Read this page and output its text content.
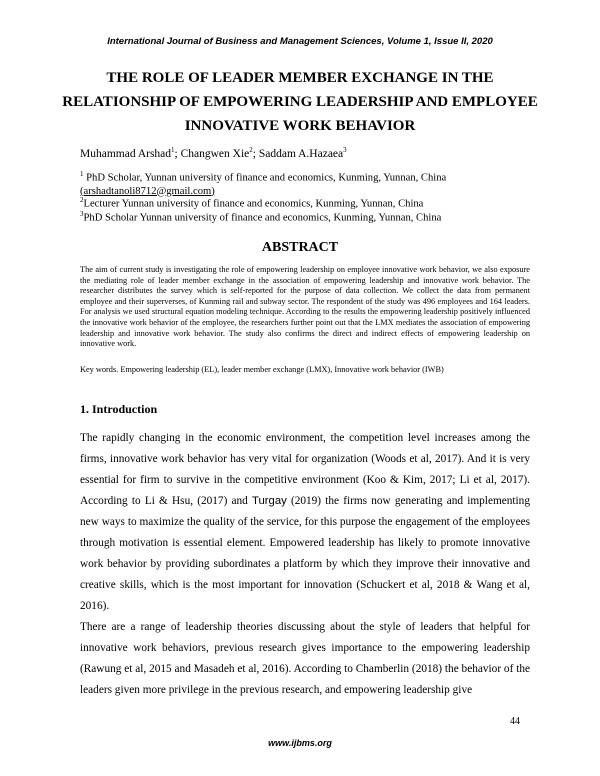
International Journal of Business and Management Sciences, Volume 1, Issue II, 2020
THE ROLE OF LEADER MEMBER EXCHANGE IN THE
RELATIONSHIP OF EMPOWERING LEADERSHIP AND EMPLOYEE
INNOVATIVE WORK BEHAVIOR
Muhammad Arshad$^1$; Changwen Xie$^2$; Saddam A.Hazaea$^3$
$^1$ PhD Scholar, Yunnan university of finance and economics, Kunming, Yunnan, China
(arshadtanoli8712@gmail.com)
$^2$Lecturer Yunnan university of finance and economics, Kunming, Yunnan, China
$^3$PhD Scholar Yunnan university of finance and economics, Kunming, Yunnan, China
ABSTRACT
The aim of current study is investigating the role of empowering leadership on employee innovative work behavior, we also exposure the mediating role of leader member exchange in the association of empowering leadership and innovative work behavior. The researcher distributes the survey which is self-reported for the purpose of data collection. We collect the data from permanent employee and their superverses, of Kunming rail and subway sector. The respondent of the study was 496 employees and 164 leaders. For analysis we used structural equation modeling technique. According to the results the empowering leadership positively influenced the innovative work behavior of the employee, the researchers further point out that the LMX mediates the association of empowering leadership and innovative work behavior. The study also confirms the direct and indirect effects of empowering leadership on innovative work.
Key words. Empowering leadership (EL), leader member exchange (LMX), Innovative work behavior (IWB)
1. Introduction

The rapidly changing in the economic environment, the competition level increases among the firms, innovative work behavior has very vital for organization (Woods et al, 2017). And it is very essential for firm to survive in the competitive environment (Koo & Kim, 2017; Li et al, 2017). According to Li & Hsu, (2017) and Turgay (2019) the firms now generating and implementing new ways to maximize the quality of the service, for this purpose the engagement of the employees through motivation is essential element. Empowered leadership has likely to promote innovative work behavior by providing subordinates a platform by which they improve their innovative and creative skills, which is the most important for innovation (Schuckert et al, 2018 & Wang et al, 2016).

There are a range of leadership theories discussing about the style of leaders that helpful for innovative work behaviors, previous research gives importance to the empowering leadership (Rawung et al, 2015 and Masadeh et al, 2016). According to Chamberlin (2018) the behavior of the leaders given more privilege in the previous research, and empowering leadership give

44
www.ijbms.org
